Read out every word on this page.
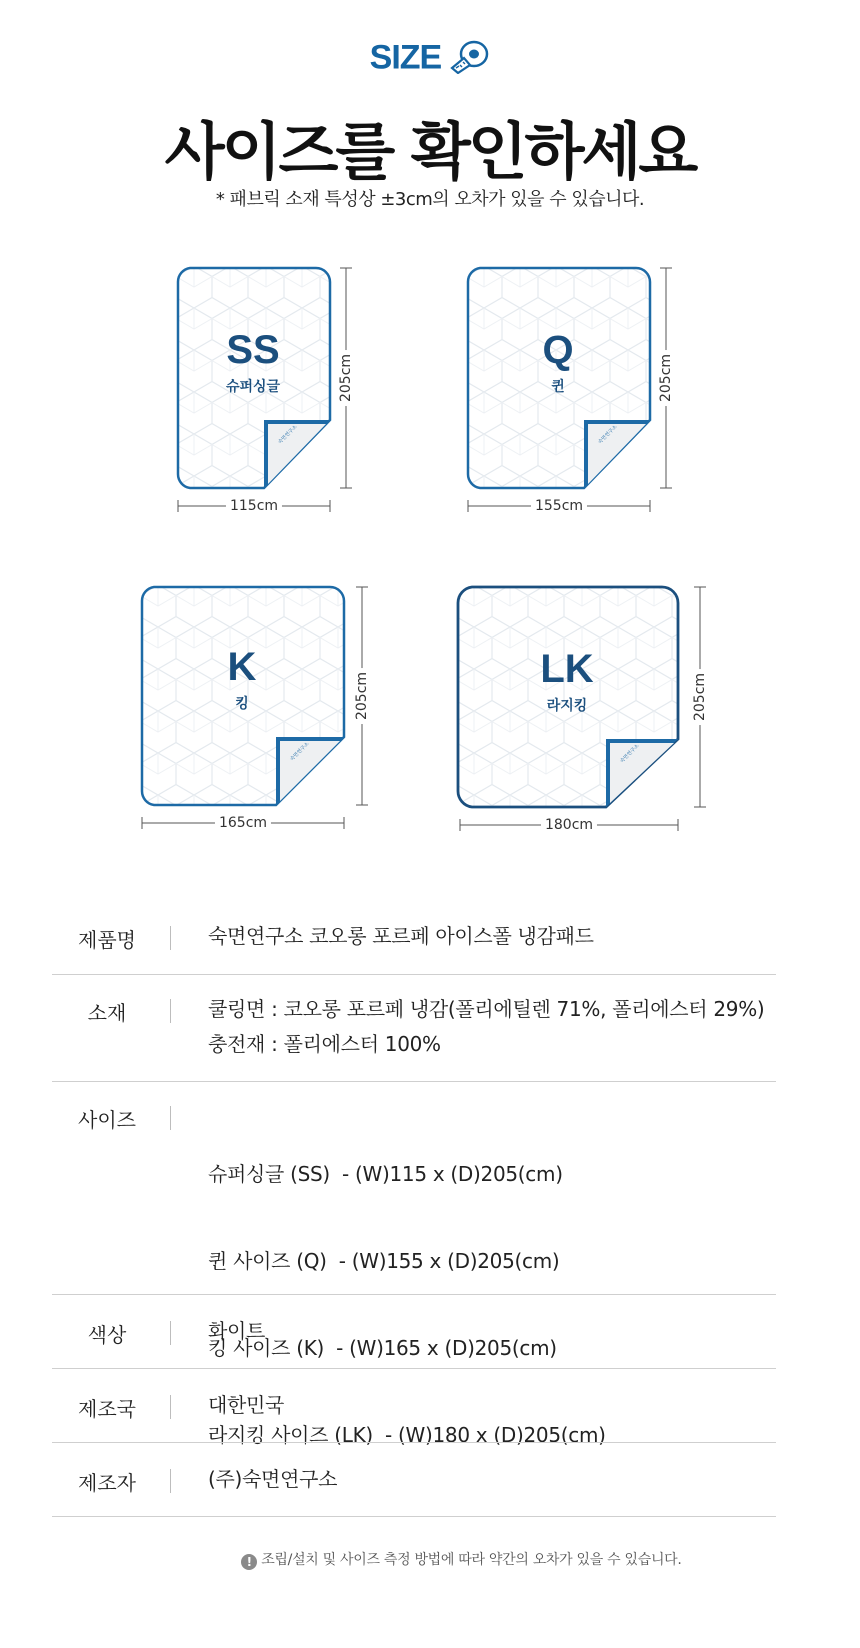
SIZE
사이즈를 확인하세요
* 패브릭 소재 특성상 ±3cm의 오차가 있을 수 있습니다.
숙면연구소
SS
슈퍼싱글
115cm
205cm
숙면연구소
Q
퀸
155cm
205cm
숙면연구소
K
킹
165cm
205cm
숙면연구소
LK
라지킹
180cm
205cm
제품명	숙면연구소 코오롱 포르페 아이스폴 냉감패드
소재	쿨링면 : 코오롱 포르페 냉감(폴리에틸렌 71%, 폴리에스터 29%)
충전재 : 폴리에스터 100%
사이즈

슈퍼싱글 (SS)  - (W)115 x (D)205(cm)

퀸 사이즈 (Q)  - (W)155 x (D)205(cm)

킹 사이즈 (K)  - (W)165 x (D)205(cm)

라지킹 사이즈 (LK)  - (W)180 x (D)205(cm)

! 조립/설치 및 사이즈 측정 방법에 따라 약간의 오차가 있을 수 있습니다.

색상	화이트
제조국	대한민국
제조자	(주)숙면연구소
